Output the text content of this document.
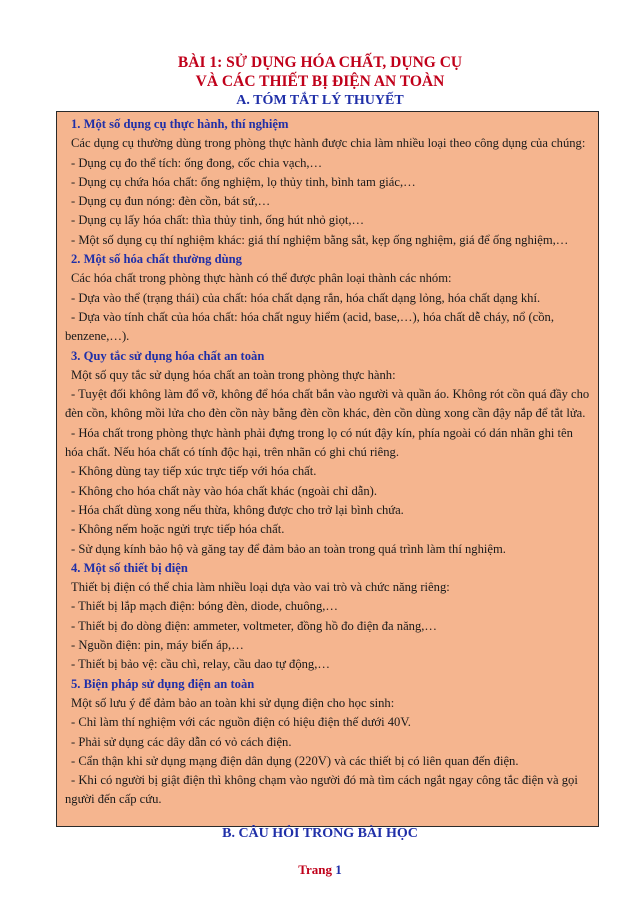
BÀI 1: SỬ DỤNG HÓA CHẤT, DỤNG CỤ
VÀ CÁC THIẾT BỊ ĐIỆN AN TOÀN
A. TÓM TẮT LÝ THUYẾT

1. Một số dụng cụ thực hành, thí nghiệm

Các dụng cụ thường dùng trong phòng thực hành được chia làm nhiều loại theo công dụng của chúng:

- Dụng cụ đo thể tích: ống đong, cốc chia vạch,…

- Dụng cụ chứa hóa chất: ống nghiệm, lọ thủy tinh, bình tam giác,…

- Dụng cụ đun nóng: đèn cồn, bát sứ,…

- Dụng cụ lấy hóa chất: thìa thủy tinh, ống hút nhỏ giọt,…

- Một số dụng cụ thí nghiệm khác: giá thí nghiệm bằng sắt, kẹp ống nghiệm, giá để ống nghiệm,…

2. Một số hóa chất thường dùng

Các hóa chất trong phòng thực hành có thể được phân loại thành các nhóm:

- Dựa vào thể (trạng thái) của chất: hóa chất dạng rắn, hóa chất dạng lỏng, hóa chất dạng khí.

- Dựa vào tính chất của hóa chất: hóa chất nguy hiểm (acid, base,…), hóa chất dễ cháy, nổ (cồn, benzene,…).

3. Quy tắc sử dụng hóa chất an toàn

Một số quy tắc sử dụng hóa chất an toàn trong phòng thực hành:

- Tuyệt đối không làm đổ vỡ, không để hóa chất bắn vào người và quần áo. Không rót cồn quá đầy cho đèn cồn, không mồi lửa cho đèn cồn này bằng đèn cồn khác, đèn cồn dùng xong cần đậy nắp để tắt lửa.

- Hóa chất trong phòng thực hành phải đựng trong lọ có nút đậy kín, phía ngoài có dán nhãn ghi tên hóa chất. Nếu hóa chất có tính độc hại, trên nhãn có ghi chú riêng.

- Không dùng tay tiếp xúc trực tiếp với hóa chất.

- Không cho hóa chất này vào hóa chất khác (ngoài chỉ dẫn).

- Hóa chất dùng xong nếu thừa, không được cho trở lại bình chứa.

- Không nếm hoặc ngửi trực tiếp hóa chất.

- Sử dụng kính bảo hộ và găng tay để đảm bảo an toàn trong quá trình làm thí nghiệm.

4. Một số thiết bị điện

Thiết bị điện có thể chia làm nhiều loại dựa vào vai trò và chức năng riêng:

- Thiết bị lắp mạch điện: bóng đèn, diode, chuông,…

- Thiết bị đo dòng điện: ammeter, voltmeter, đồng hồ đo điện đa năng,…

- Nguồn điện: pin, máy biến áp,…

- Thiết bị bảo vệ: cầu chì, relay, cầu dao tự động,…

5. Biện pháp sử dụng điện an toàn

Một số lưu ý để đảm bảo an toàn khi sử dụng điện cho học sinh:

- Chỉ làm thí nghiệm với các nguồn điện có hiệu điện thế dưới 40V.

- Phải sử dụng các dây dẫn có vỏ cách điện.

- Cẩn thận khi sử dụng mạng điện dân dụng (220V) và các thiết bị có liên quan đến điện.

- Khi có người bị giật điện thì không chạm vào người đó mà tìm cách ngắt ngay công tắc điện và gọi người đến cấp cứu.

B. CÂU HỎI TRONG BÀI HỌC
Trang 1
